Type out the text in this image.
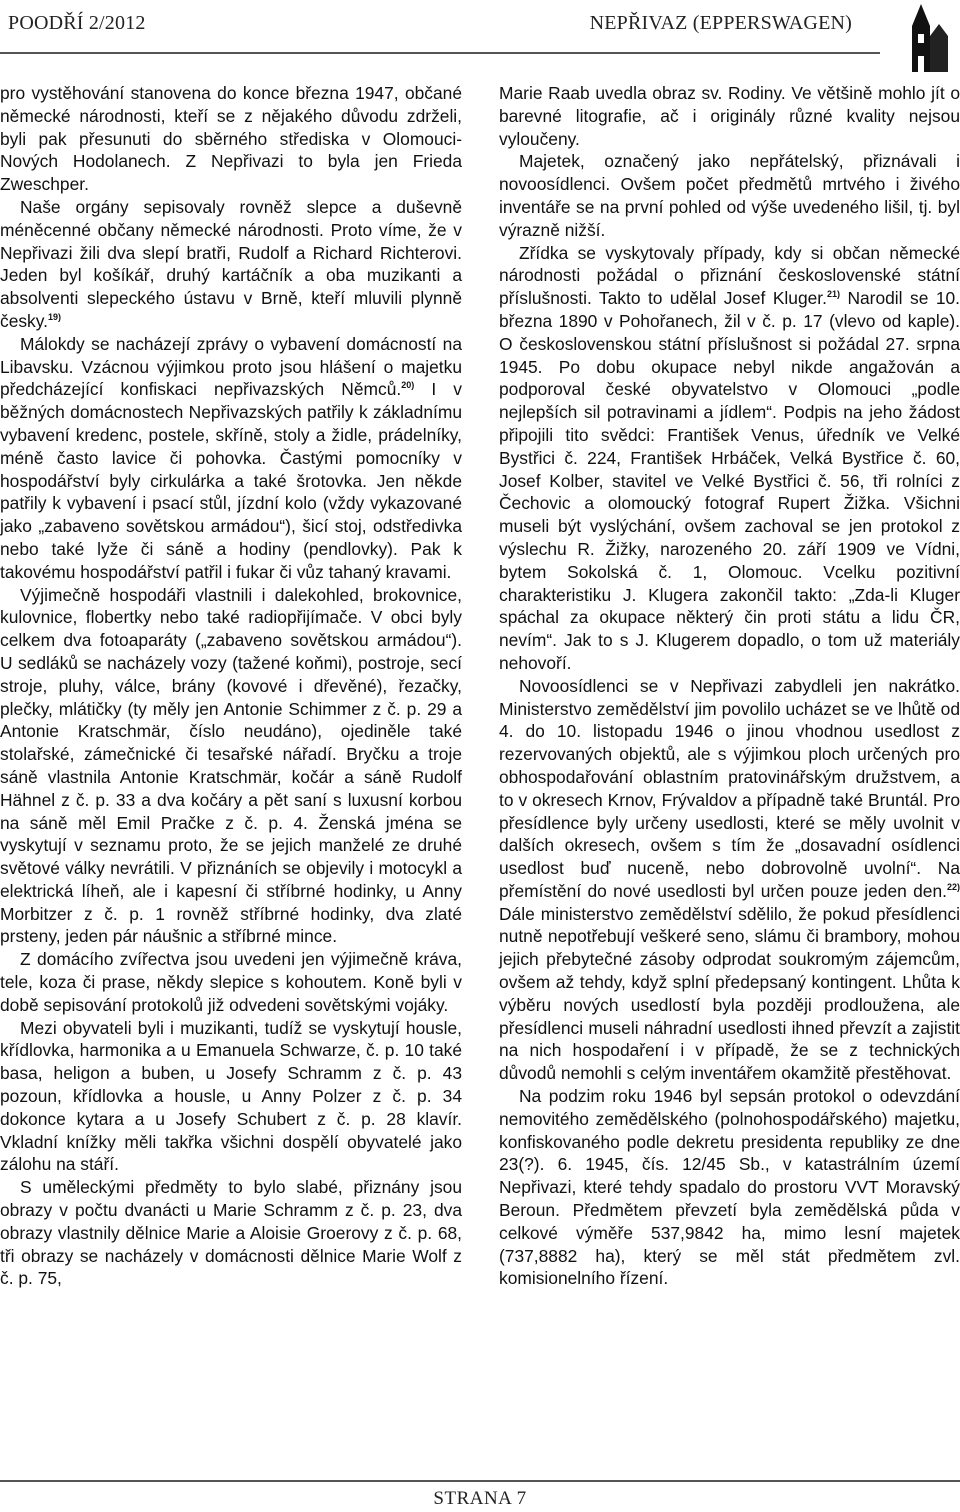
POODŘÍ 2/2012	NEPŘIVAZ (EPPERSWAGEN)

pro vystěhování stanovena do konce března 1947, občané německé národnosti, kteří se z nějakého důvodu zdrželi, byli pak přesunuti do sběrného střediska v Olomouci-Nových Hodolanech. Z Nepřivazi to byla jen Frieda Zweschper.

Naše orgány sepisovaly rovněž slepce a duševně méněcenné občany německé národnosti. Proto víme, že v Nepřivazi žili dva slepí bratři, Rudolf a Richard Richterovi. Jeden byl košíkář, druhý kartáčník a oba muzikanti a absolventi slepeckého ústavu v Brně, kteří mluvili plynně česky.$^{19)}$

Málokdy se nacházejí zprávy o vybavení domácností na Libavsku. Vzácnou výjimkou proto jsou hlášení o majetku předcházející konfiskaci nepřivazských Němců.$^{20)}$ I v běžných domácnostech Nepřivazských patřily k základnímu vybavení kredenc, postele, skříně, stoly a židle, prádelníky, méně často lavice či pohovka. Častými pomocníky v hospodářství byly cirkulárka a také šrotovka. Jen někde patřily k vybavení i psací stůl, jízdní kolo (vždy vykazované jako „zabaveno sovětskou armádou“), šicí stoj, odstředivka nebo také lyže či sáně a hodiny (pendlovky). Pak k takovému hospodářství patřil i fukar či vůz tahaný kravami.

Výjimečně hospodáři vlastnili i dalekohled, brokovnice, kulovnice, flobertky nebo také radiopřijímače. V obci byly celkem dva fotoaparáty („zabaveno sovětskou armádou“). U sedláků se nacházely vozy (tažené koňmi), postroje, secí stroje, pluhy, válce, brány (kovové i dřevěné), řezačky, plečky, mlátičky (ty měly jen Antonie Schimmer z č. p. 29 a Antonie Kratschmär, číslo neudáno), ojediněle také stolařské, zámečnické či tesařské nářadí. Bryčku a troje sáně vlastnila Antonie Kratschmär, kočár a sáně Rudolf Hähnel z č. p. 33 a dva kočáry a pět saní s luxusní korbou na sáně měl Emil Pračke z č. p. 4. Ženská jména se vyskytují v seznamu proto, že se jejich manželé ze druhé světové války nevrátili. V přiznáních se objevily i motocykl a elektrická líheň, ale i kapesní či stříbrné hodinky, u Anny Morbitzer z č. p. 1 rovněž stříbrné hodinky, dva zlaté prsteny, jeden pár náušnic a stříbrné mince.

Z domácího zvířectva jsou uvedeni jen výjimečně kráva, tele, koza či prase, někdy slepice s kohoutem. Koně byli v době sepisování protokolů již odvedeni sovětskými vojáky.

Mezi obyvateli byli i muzikanti, tudíž se vyskytují housle, křídlovka, harmonika a u Emanuela Schwarze, č. p. 10 také basa, heligon a buben, u Josefy Schramm z č. p. 43 pozoun, křídlovka a housle, u Anny Polzer z č. p. 34 dokonce kytara a u Josefy Schubert z č. p. 28 klavír. Vkladní knížky měli takřka všichni dospělí obyvatelé jako zálohu na stáří.

S uměleckými předměty to bylo slabé, přiznány jsou obrazy v počtu dvanácti u Marie Schramm z č. p. 23, dva obrazy vlastnily dělnice Marie a Aloisie Groerovy z č. p. 68, tři obrazy se nacházely v domácnosti dělnice Marie Wolf z č. p. 75,

Marie Raab uvedla obraz sv. Rodiny. Ve většině mohlo jít o barevné litografie, ač i originály různé kvality nejsou vyloučeny.

Majetek, označený jako nepřátelský, přiznávali i novoosídlenci. Ovšem počet předmětů mrtvého i živého inventáře se na první pohled od výše uvedeného lišil, tj. byl výrazně nižší.

Zřídka se vyskytovaly případy, kdy si občan německé národnosti požádal o přiznání československé státní příslušnosti. Takto to udělal Josef Kluger.$^{21)}$ Narodil se 10. března 1890 v Pohořanech, žil v č. p. 17 (vlevo od kaple). O československou státní příslušnost si požádal 27. srpna 1945. Po dobu okupace nebyl nikde angažován a podporoval české obyvatelstvo v Olomouci „podle nejlepších sil potravinami a jídlem“. Podpis na jeho žádost připojili tito svědci: František Venus, úředník ve Velké Bystřici č. 224, František Hrbáček, Velká Bystřice č. 60, Josef Kolber, stavitel ve Velké Bystřici č. 56, tři rolníci z Čechovic a olomoucký fotograf Rupert Žižka. Všichni museli být vyslýchání, ovšem zachoval se jen protokol z výslechu R. Žižky, narozeného 20. září 1909 ve Vídni, bytem Sokolská č. 1, Olomouc. Vcelku pozitivní charakteristiku J. Klugera zakončil takto: „Zda-li Kluger spáchal za okupace některý čin proti státu a lidu ČR, nevím“. Jak to s J. Klugerem dopadlo, o tom už materiály nehovoří.

Novoosídlenci se v Nepřivazi zabydleli jen nakrátko. Ministerstvo zemědělství jim povolilo ucházet se ve lhůtě od 4. do 10. listopadu 1946 o jinou vhodnou usedlost z rezervovaných objektů, ale s výjimkou ploch určených pro obhospodařování oblastním pratovinářským družstvem, a to v okresech Krnov, Frývaldov a případně také Bruntál. Pro přesídlence byly určeny usedlosti, které se měly uvolnit v dalších okresech, ovšem s tím že „dosavadní osídlenci usedlost buď nuceně, nebo dobrovolně uvolní“. Na přemístění do nové usedlosti byl určen pouze jeden den.$^{22)}$ Dále ministerstvo zemědělství sdělilo, že pokud přesídlenci nutně nepotřebují veškeré seno, slámu či brambory, mohou jejich přebytečné zásoby odprodat soukromým zájemcům, ovšem až tehdy, když splní předepsaný kontingent. Lhůta k výběru nových usedlostí byla později prodloužena, ale přesídlenci museli náhradní usedlosti ihned převzít a zajistit na nich hospodaření i v případě, že se z technických důvodů nemohli s celým inventářem okamžitě přestěhovat.

Na podzim roku 1946 byl sepsán protokol o odevzdání nemovitého zemědělského (polnohospodářského) majetku, konfiskovaného podle dekretu presidenta republiky ze dne 23(?). 6. 1945, čís. 12/45 Sb., v katastrálním území Nepřivazi, které tehdy spadalo do prostoru VVT Moravský Beroun. Předmětem převzetí byla zemědělská půda v celkové výměře 537,9842 ha, mimo lesní majetek (737,8882 ha), který se měl stát předmětem zvl. komisionelního řízení.

STRANA 7
